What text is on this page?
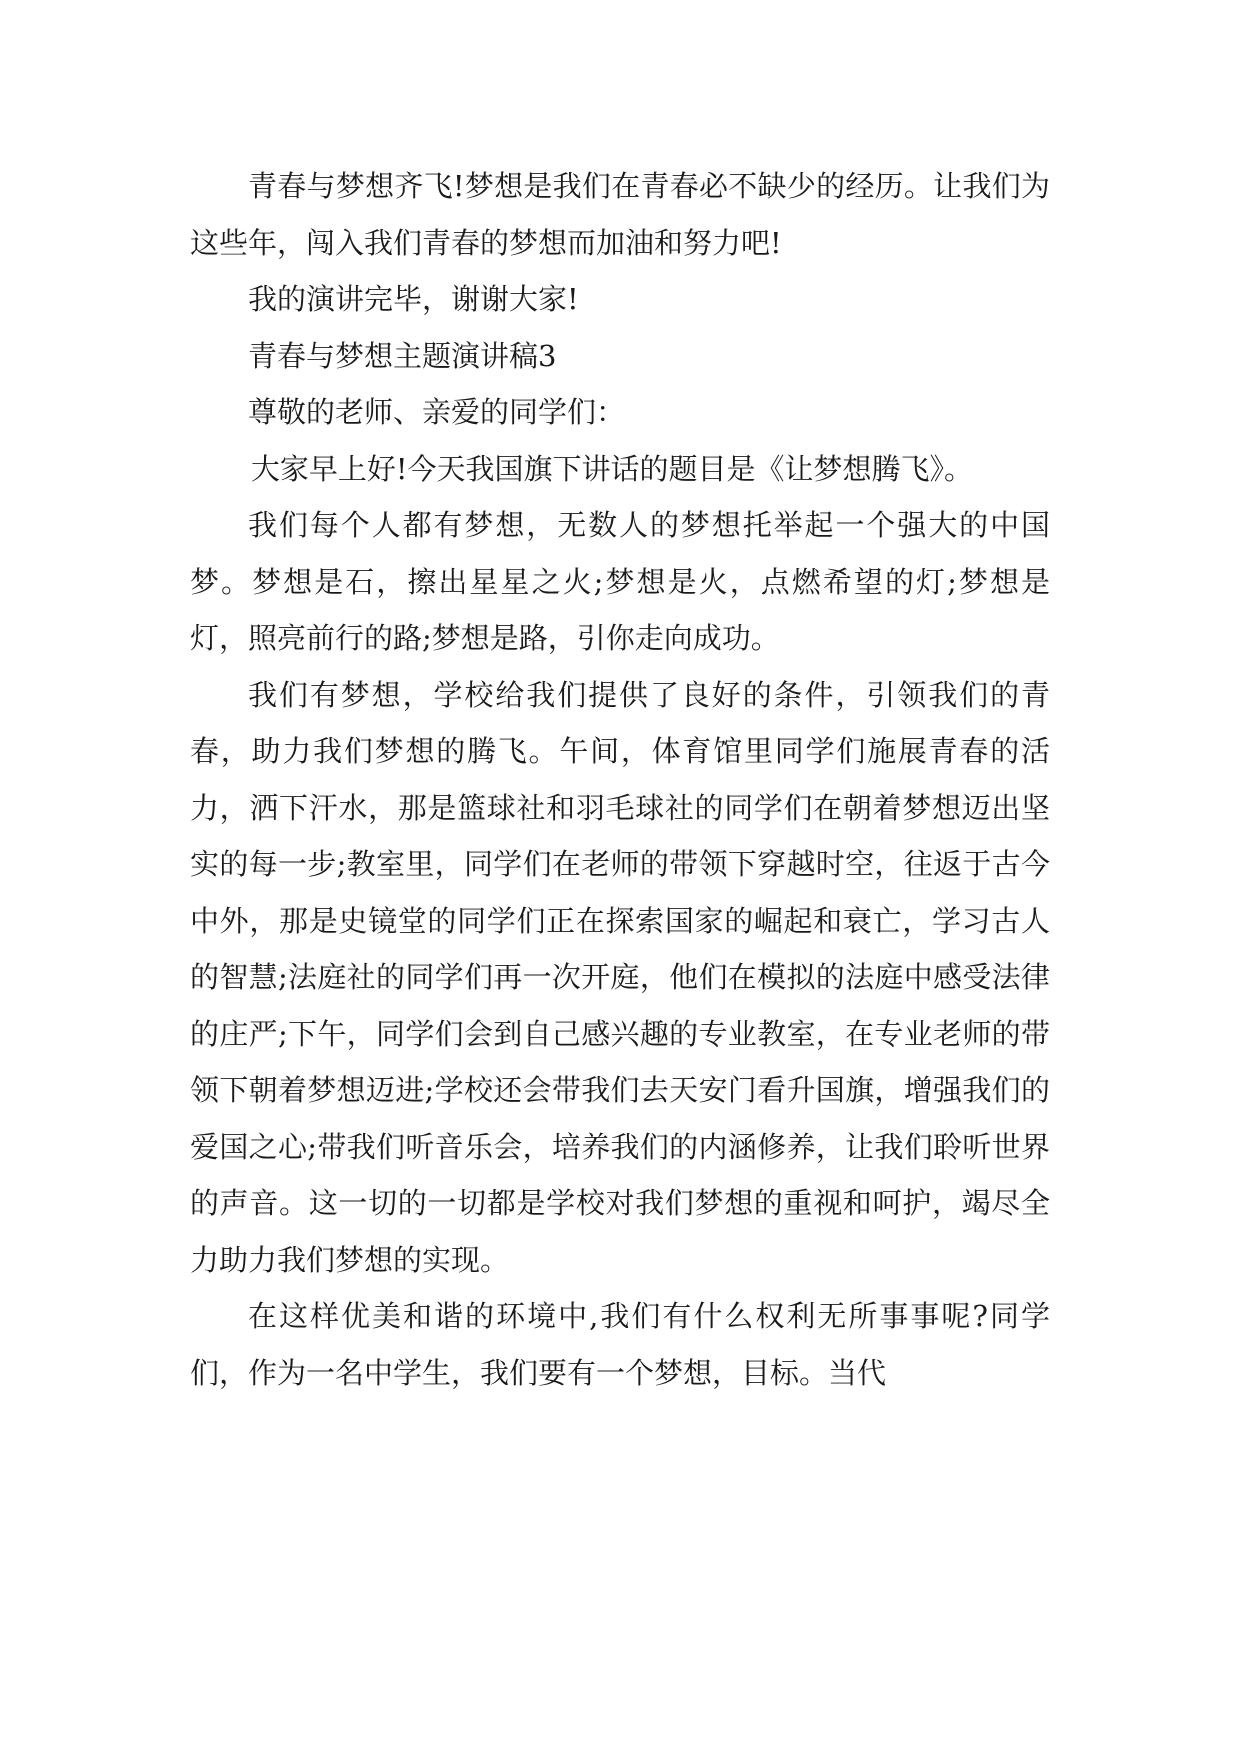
青春与梦想齐飞!梦想是我们在青春必不缺少的经历。让我们为这些年，闯入我们青春的梦想而加油和努力吧!

我的演讲完毕，谢谢大家!

青春与梦想主题演讲稿3

尊敬的老师、亲爱的同学们：

大家早上好!今天我国旗下讲话的题目是《让梦想腾飞》。

我们每个人都有梦想，无数人的梦想托举起一个强大的中国梦。梦想是石，擦出星星之火;梦想是火，点燃希望的灯;梦想是灯，照亮前行的路;梦想是路，引你走向成功。

我们有梦想，学校给我们提供了良好的条件，引领我们的青春，助力我们梦想的腾飞。午间，体育馆里同学们施展青春的活力，洒下汗水，那是篮球社和羽毛球社的同学们在朝着梦想迈出坚实的每一步;教室里，同学们在老师的带领下穿越时空，往返于古今中外，那是史镜堂的同学们正在探索国家的崛起和衰亡，学习古人的智慧;法庭社的同学们再一次开庭，他们在模拟的法庭中感受法律的庄严;下午，同学们会到自己感兴趣的专业教室，在专业老师的带领下朝着梦想迈进;学校还会带我们去天安门看升国旗，增强我们的爱国之心;带我们听音乐会，培养我们的内涵修养，让我们聆听世界的声音。这一切的一切都是学校对我们梦想的重视和呵护，竭尽全力助力我们梦想的实现。

在这样优美和谐的环境中,我们有什么权利无所事事呢?同学们，作为一名中学生，我们要有一个梦想，目标。当代
